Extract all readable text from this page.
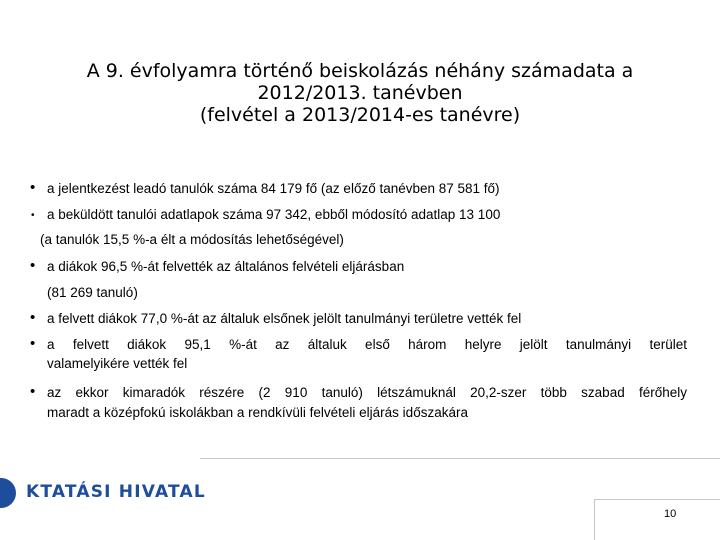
A 9. évfolyamra történő beiskolázás néhány számadata a
2012/2013. tanévben
(felvétel a 2013/2014-es tanévre)
• a jelentkezést leadó tanulók száma 84 179 fő (az előző tanévben 87 581 fő)
• a beküldött tanulói adatlapok száma 97 342, ebből módosító adatlap 13 100
(a tanulók 15,5 %-a élt a módosítás lehetőségével)
• a diákok 96,5 %-át felvették az általános felvételi eljárásban
(81 269 tanuló)
• a felvett diákok 77,0 %-át az általuk elsőnek jelölt tanulmányi területre vették fel
• a felvett diákok 95,1 %-át az általuk első három helyre jelölt tanulmányi terület
valamelyikére vették fel
• az ekkor kimaradók részére (2 910 tanuló) létszámuknál 20,2-szer több szabad férőhely
maradt a középfokú iskolákban a rendkívüli felvételi eljárás időszakára
KTATÁSI HIVATAL
10
